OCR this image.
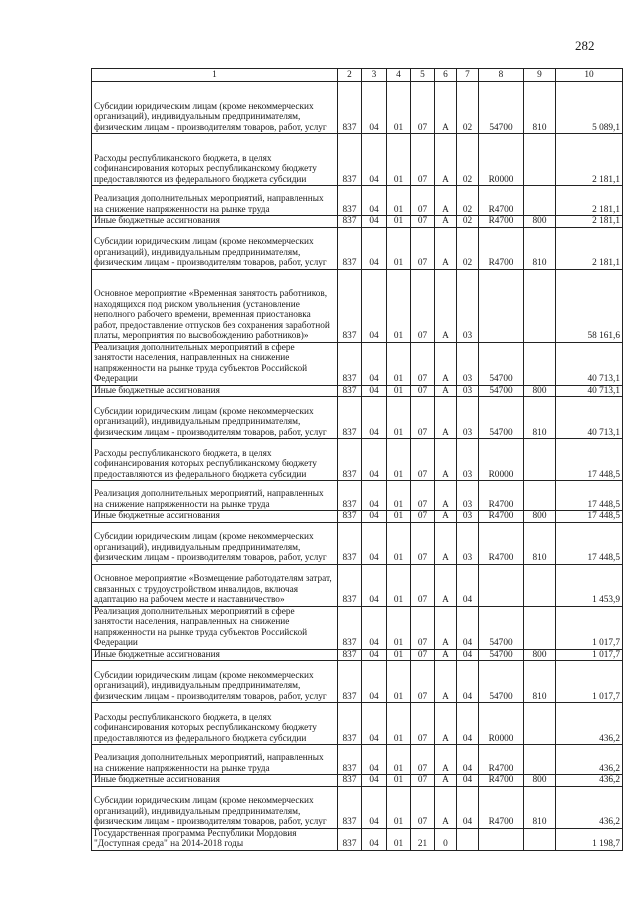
282
1	2	3	4	5	6	7	8	9	10
Субсидии юридическим лицам (кроме некоммерческих организаций), индивидуальным предпринимателям, физическим лицам - производителям товаров, работ, услуг	837	04	01	07	А	02	54700	810	5 089,1
Расходы республиканского бюджета, в целях софинансирования которых республиканскому бюджету предоставляются из федерального бюджета субсидии	837	04	01	07	А	02	R0000		2 181,1
Реализация дополнительных мероприятий, направленных на снижение напряженности на рынке труда	837	04	01	07	А	02	R4700		2 181,1
Иные бюджетные ассигнования	837	04	01	07	А	02	R4700	800	2 181,1
Субсидии юридическим лицам (кроме некоммерческих организаций), индивидуальным предпринимателям, физическим лицам - производителям товаров, работ, услуг	837	04	01	07	А	02	R4700	810	2 181,1
Основное мероприятие «Временная занятость работников, находящихся под риском увольнения (установление неполного рабочего времени, временная приостановка работ, предоставление отпусков без сохранения заработной платы, мероприятия по высвобождению работников)»	837	04	01	07	А	03			58 161,6
Реализация дополнительных мероприятий в сфере занятости населения, направленных на снижение напряженности на рынке труда субъектов Российской Федерации	837	04	01	07	А	03	54700		40 713,1
Иные бюджетные ассигнования	837	04	01	07	А	03	54700	800	40 713,1
Субсидии юридическим лицам (кроме некоммерческих организаций), индивидуальным предпринимателям, физическим лицам - производителям товаров, работ, услуг	837	04	01	07	А	03	54700	810	40 713,1
Расходы республиканского бюджета, в целях софинансирования которых республиканскому бюджету предоставляются из федерального бюджета субсидии	837	04	01	07	А	03	R0000		17 448,5
Реализация дополнительных мероприятий, направленных на снижение напряженности на рынке труда	837	04	01	07	А	03	R4700		17 448,5
Иные бюджетные ассигнования	837	04	01	07	А	03	R4700	800	17 448,5
Субсидии юридическим лицам (кроме некоммерческих организаций), индивидуальным предпринимателям, физическим лицам - производителям товаров, работ, услуг	837	04	01	07	А	03	R4700	810	17 448,5
Основное мероприятие «Возмещение работодателям затрат, связанных с трудоустройством инвалидов, включая адаптацию на рабочем месте и наставничество»	837	04	01	07	А	04			1 453,9
Реализация дополнительных мероприятий в сфере занятости населения, направленных на снижение напряженности на рынке труда субъектов Российской Федерации	837	04	01	07	А	04	54700		1 017,7
Иные бюджетные ассигнования	837	04	01	07	А	04	54700	800	1 017,7
Субсидии юридическим лицам (кроме некоммерческих организаций), индивидуальным предпринимателям, физическим лицам - производителям товаров, работ, услуг	837	04	01	07	А	04	54700	810	1 017,7
Расходы республиканского бюджета, в целях софинансирования которых республиканскому бюджету предоставляются из федерального бюджета субсидии	837	04	01	07	А	04	R0000		436,2
Реализация дополнительных мероприятий, направленных на снижение напряженности на рынке труда	837	04	01	07	А	04	R4700		436,2
Иные бюджетные ассигнования	837	04	01	07	А	04	R4700	800	436,2
Субсидии юридическим лицам (кроме некоммерческих организаций), индивидуальным предпринимателям, физическим лицам - производителям товаров, работ, услуг	837	04	01	07	А	04	R4700	810	436,2
Государственная программа Республики Мордовия "Доступная среда" на 2014-2018 годы	837	04	01	21	0				1 198,7
